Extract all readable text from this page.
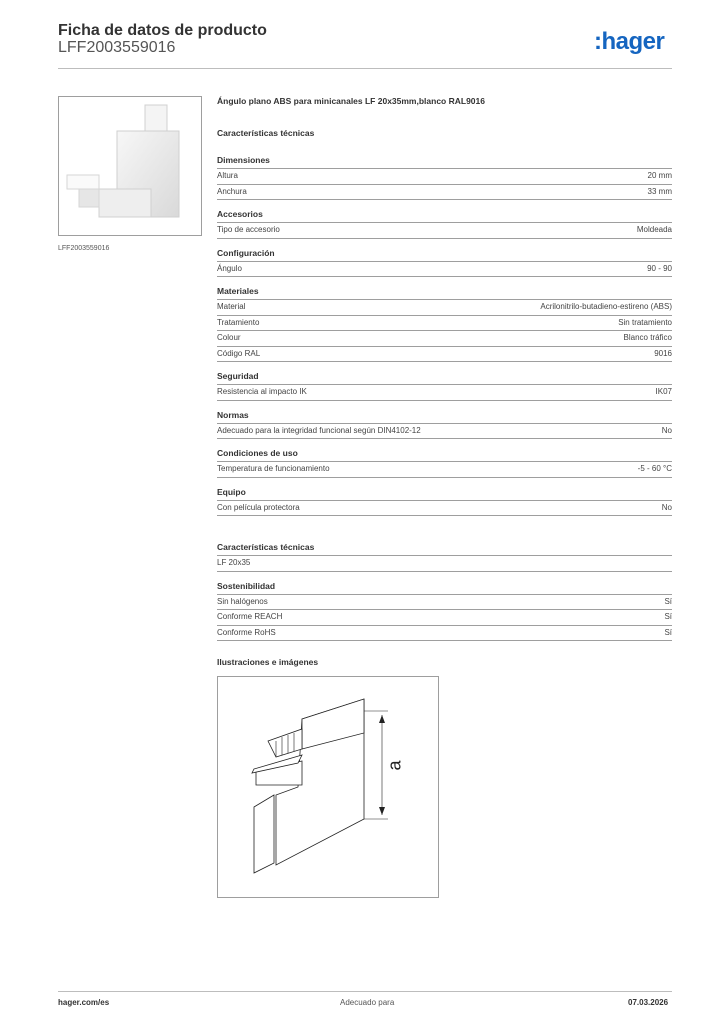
Ficha de datos de producto
LFF2003559016	:hager
LFF2003559016
Ángulo plano ABS para minicanales LF 20x35mm,blanco RAL9016
Características técnicas
Dimensiones
Altura	20 mm
Anchura	33 mm
Accesorios
Tipo de accesorio	Moldeada
Configuración
Ángulo	90 - 90
Materiales
Material	Acrilonitrilo-butadieno-estireno (ABS)
Tratamiento	Sin tratamiento
Colour	Blanco tráfico
Código RAL	9016
Seguridad
Resistencia al impacto IK	IK07
Normas
Adecuado para la integridad funcional según DIN4102-12	No
Condiciones de uso
Temperatura de funcionamiento	-5 - 60 °C
Equipo
Con película protectora	No
Características técnicas
LF 20x35
Sostenibilidad
Sin halógenos	Sí
Conforme REACH	Sí
Conforme RoHS	Sí
Ilustraciones e imágenes
a
hager.com/es	Adecuado para	07.03.2026
